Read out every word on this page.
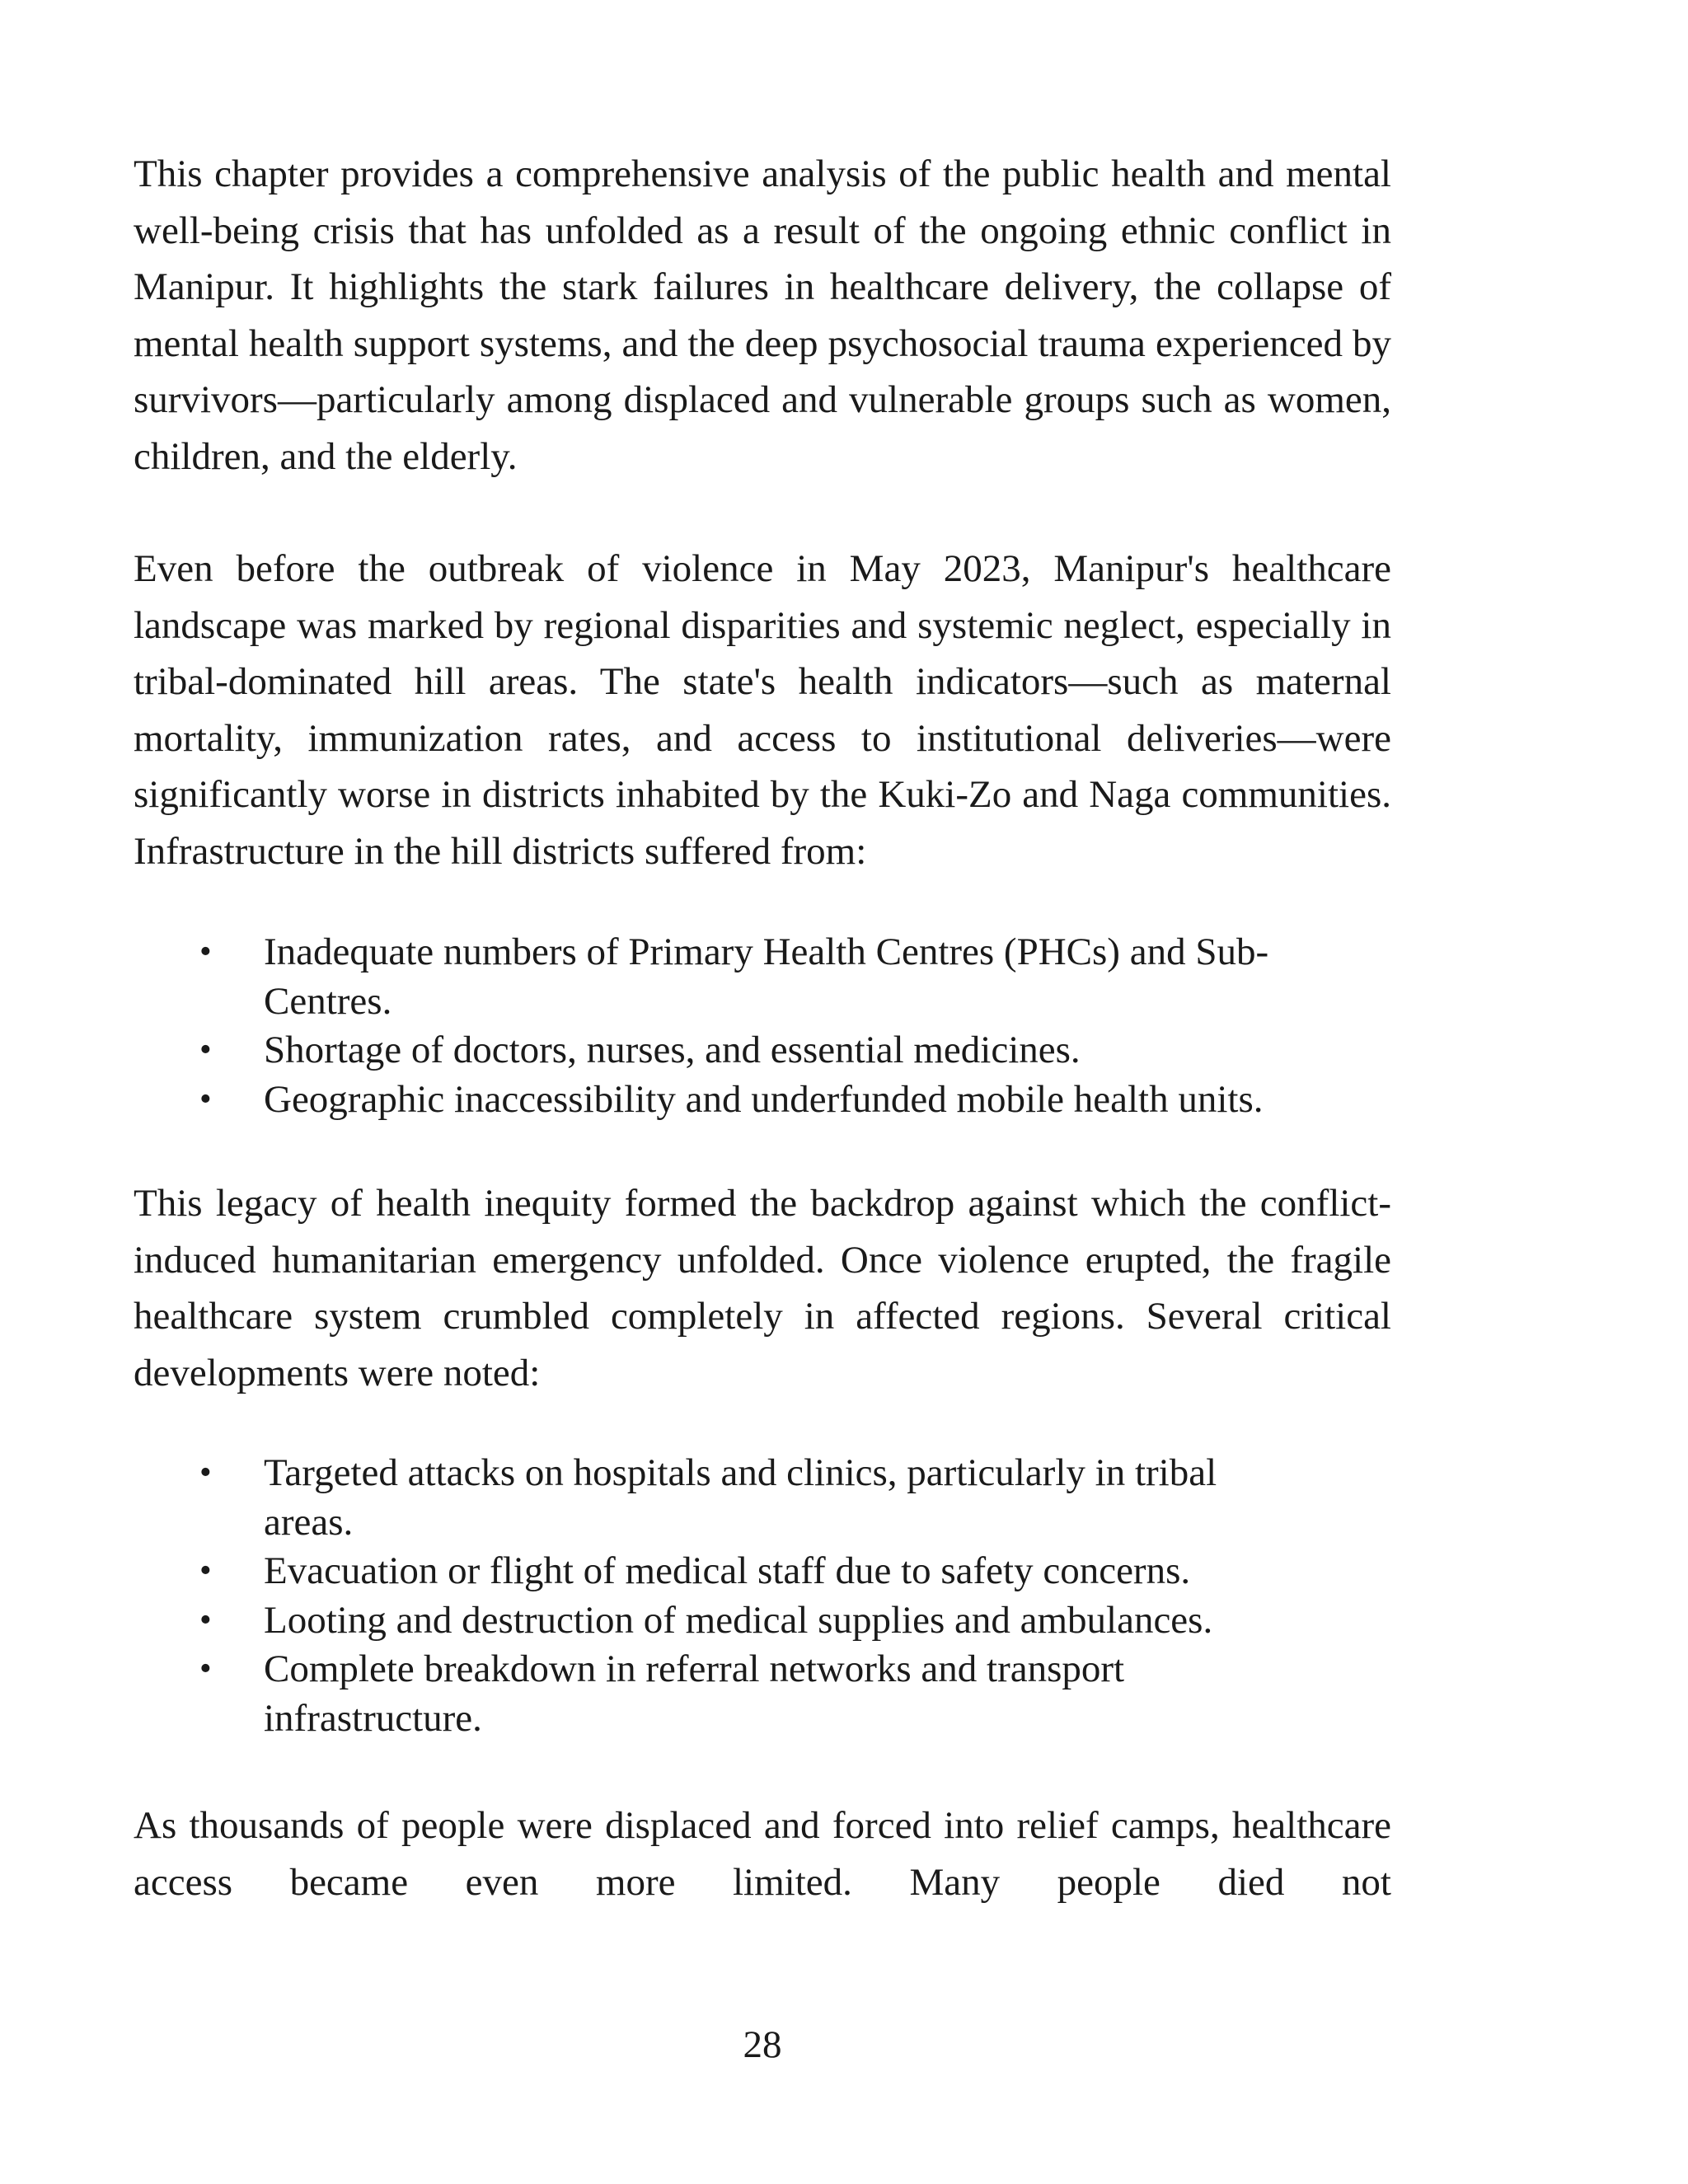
This chapter provides a comprehensive analysis of the public health and mental well-being crisis that has unfolded as a result of the ongoing ethnic conflict in Manipur. It highlights the stark failures in healthcare delivery, the collapse of mental health support systems, and the deep psychosocial trauma experienced by survivors—particularly among displaced and vulnerable groups such as women, children, and the elderly.

Even before the outbreak of violence in May 2023, Manipur's healthcare landscape was marked by regional disparities and systemic neglect, especially in tribal-dominated hill areas. The state's health indicators—such as maternal mortality, immunization rates, and access to institutional deliveries—were significantly worse in districts inhabited by the Kuki-Zo and Naga communities. Infrastructure in the hill districts suffered from:

•	Inadequate numbers of Primary Health Centres (PHCs) and Sub-Centres.
•	Shortage of doctors, nurses, and essential medicines.
•	Geographic inaccessibility and underfunded mobile health units.

This legacy of health inequity formed the backdrop against which the conflict-induced humanitarian emergency unfolded. Once violence erupted, the fragile healthcare system crumbled completely in affected regions. Several critical developments were noted:

•	Targeted attacks on hospitals and clinics, particularly in tribal areas.
•	Evacuation or flight of medical staff due to safety concerns.
•	Looting and destruction of medical supplies and ambulances.
•	Complete breakdown in referral networks and transport infrastructure.

As thousands of people were displaced and forced into relief camps, healthcare access became even more limited. Many people died not

28
